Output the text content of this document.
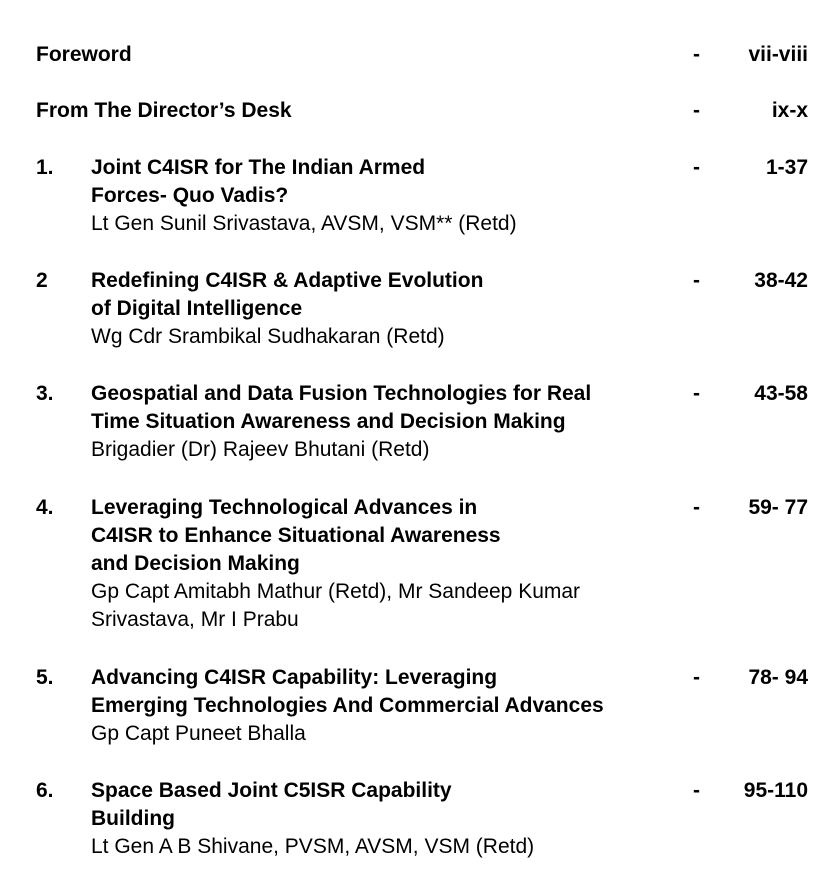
Foreword	- vii-viii
From The Director’s Desk	-	ix-x
1. Joint C4ISR for The Indian Armed
Forces- Quo Vadis?
Lt Gen Sunil Srivastava, AVSM, VSM** (Retd)
-	1-37
2 Redefining C4ISR & Adaptive Evolution
of Digital Intelligence
Wg Cdr Srambikal Sudhakaran (Retd)
-	38-42
3. Geospatial and Data Fusion Technologies for Real
Time Situation Awareness and Decision Making
Brigadier (Dr) Rajeev Bhutani (Retd)
-	43-58
4. Leveraging Technological Advances in
C4ISR to Enhance Situational Awareness
and Decision Making
Gp Capt Amitabh Mathur (Retd), Mr Sandeep Kumar
Srivastava, Mr I Prabu
- 59- 77
5. Advancing C4ISR Capability: Leveraging
Emerging Technologies And Commercial Advances
Gp Capt Puneet Bhalla
- 78- 94
6. Space Based Joint C5ISR Capability
Building
Lt Gen A B Shivane, PVSM, AVSM, VSM (Retd)
- 95-110
